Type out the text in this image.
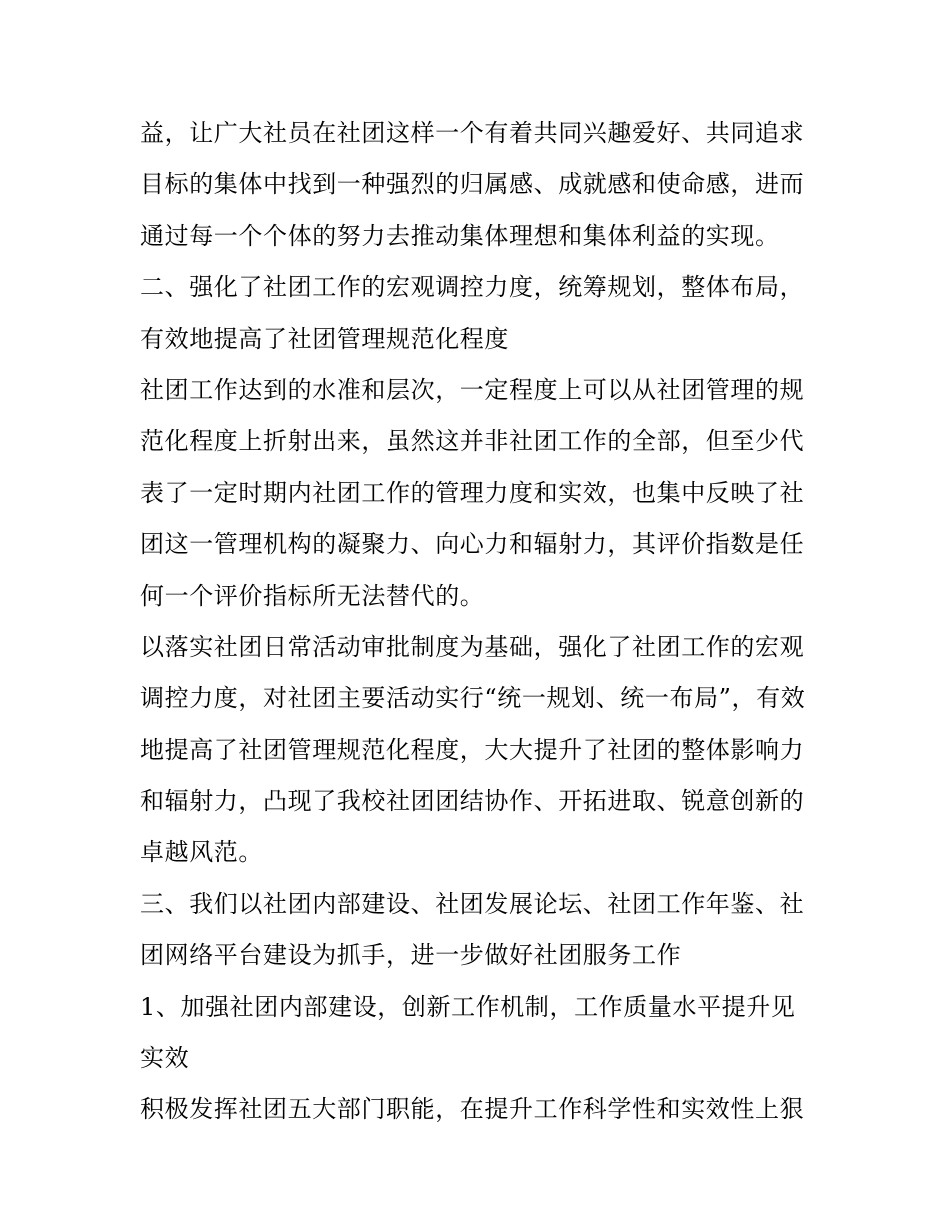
益，让广大社员在社团这样一个有着共同兴趣爱好、共同追求
目标的集体中找到一种强烈的归属感、成就感和使命感，进而
通过每一个个体的努力去推动集体理想和集体利益的实现。
二、强化了社团工作的宏观调控力度，统筹规划，整体布局，
有效地提高了社团管理规范化程度
社团工作达到的水准和层次，一定程度上可以从社团管理的规
范化程度上折射出来，虽然这并非社团工作的全部，但至少代
表了一定时期内社团工作的管理力度和实效，也集中反映了社
团这一管理机构的凝聚力、向心力和辐射力，其评价指数是任
何一个评价指标所无法替代的。
以落实社团日常活动审批制度为基础，强化了社团工作的宏观
调控力度，对社团主要活动实行“统一规划、统一布局”，有效
地提高了社团管理规范化程度，大大提升了社团的整体影响力
和辐射力，凸现了我校社团团结协作、开拓进取、锐意创新的
卓越风范。
三、我们以社团内部建设、社团发展论坛、社团工作年鉴、社
团网络平台建设为抓手，进一步做好社团服务工作
1、加强社团内部建设，创新工作机制，工作质量水平提升见
实效
积极发挥社团五大部门职能，在提升工作科学性和实效性上狠
